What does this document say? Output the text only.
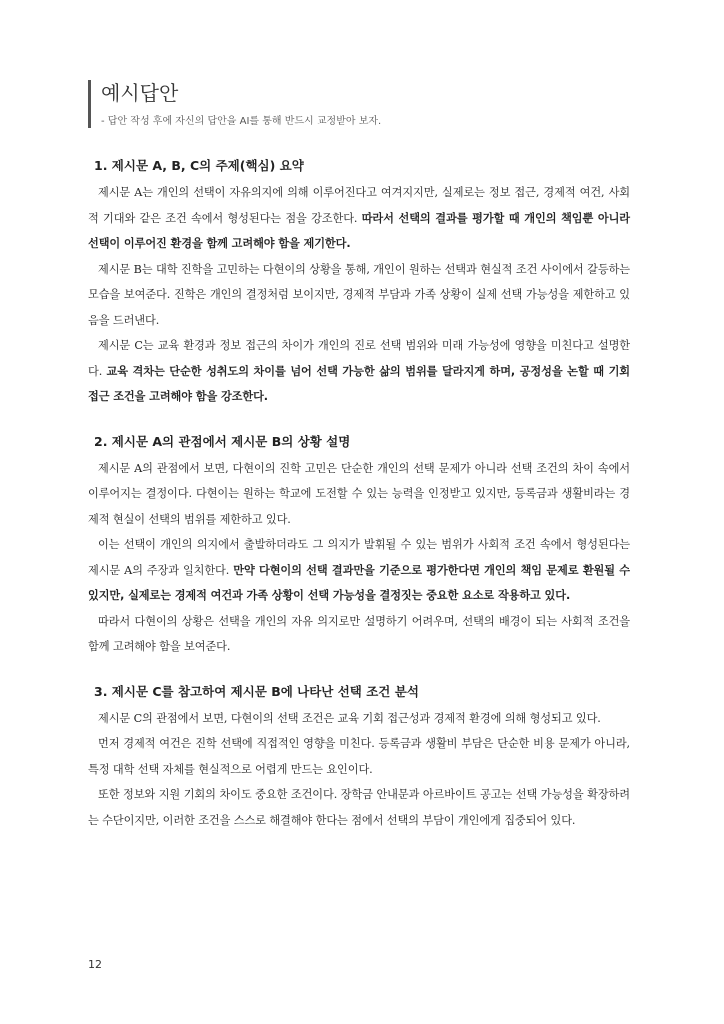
예시답안
- 답안 작성 후에 자신의 답안을 AI를 통해 반드시 교정받아 보자.
1. 제시문 A, B, C의 주제(핵심) 요약

제시문 A는 개인의 선택이 자유의지에 의해 이루어진다고 여겨지지만, 실제로는 정보 접근, 경제적 여건, 사회적 기대와 같은 조건 속에서 형성된다는 점을 강조한다. 따라서 선택의 결과를 평가할 때 개인의 책임뿐 아니라 선택이 이루어진 환경을 함께 고려해야 함을 제기한다.

제시문 B는 대학 진학을 고민하는 다현이의 상황을 통해, 개인이 원하는 선택과 현실적 조건 사이에서 갈등하는 모습을 보여준다. 진학은 개인의 결정처럼 보이지만, 경제적 부담과 가족 상황이 실제 선택 가능성을 제한하고 있음을 드러낸다.

제시문 C는 교육 환경과 정보 접근의 차이가 개인의 진로 선택 범위와 미래 가능성에 영향을 미친다고 설명한다. 교육 격차는 단순한 성취도의 차이를 넘어 선택 가능한 삶의 범위를 달라지게 하며, 공정성을 논할 때 기회 접근 조건을 고려해야 함을 강조한다.

2. 제시문 A의 관점에서 제시문 B의 상황 설명

제시문 A의 관점에서 보면, 다현이의 진학 고민은 단순한 개인의 선택 문제가 아니라 선택 조건의 차이 속에서 이루어지는 결정이다. 다현이는 원하는 학교에 도전할 수 있는 능력을 인정받고 있지만, 등록금과 생활비라는 경제적 현실이 선택의 범위를 제한하고 있다.

이는 선택이 개인의 의지에서 출발하더라도 그 의지가 발휘될 수 있는 범위가 사회적 조건 속에서 형성된다는 제시문 A의 주장과 일치한다. 만약 다현이의 선택 결과만을 기준으로 평가한다면 개인의 책임 문제로 환원될 수 있지만, 실제로는 경제적 여건과 가족 상황이 선택 가능성을 결정짓는 중요한 요소로 작용하고 있다.

따라서 다현이의 상황은 선택을 개인의 자유 의지로만 설명하기 어려우며, 선택의 배경이 되는 사회적 조건을 함께 고려해야 함을 보여준다.

3. 제시문 C를 참고하여 제시문 B에 나타난 선택 조건 분석

제시문 C의 관점에서 보면, 다현이의 선택 조건은 교육 기회 접근성과 경제적 환경에 의해 형성되고 있다.

먼저 경제적 여건은 진학 선택에 직접적인 영향을 미친다. 등록금과 생활비 부담은 단순한 비용 문제가 아니라, 특정 대학 선택 자체를 현실적으로 어렵게 만드는 요인이다.

또한 정보와 지원 기회의 차이도 중요한 조건이다. 장학금 안내문과 아르바이트 공고는 선택 가능성을 확장하려는 수단이지만, 이러한 조건을 스스로 해결해야 한다는 점에서 선택의 부담이 개인에게 집중되어 있다.

12
